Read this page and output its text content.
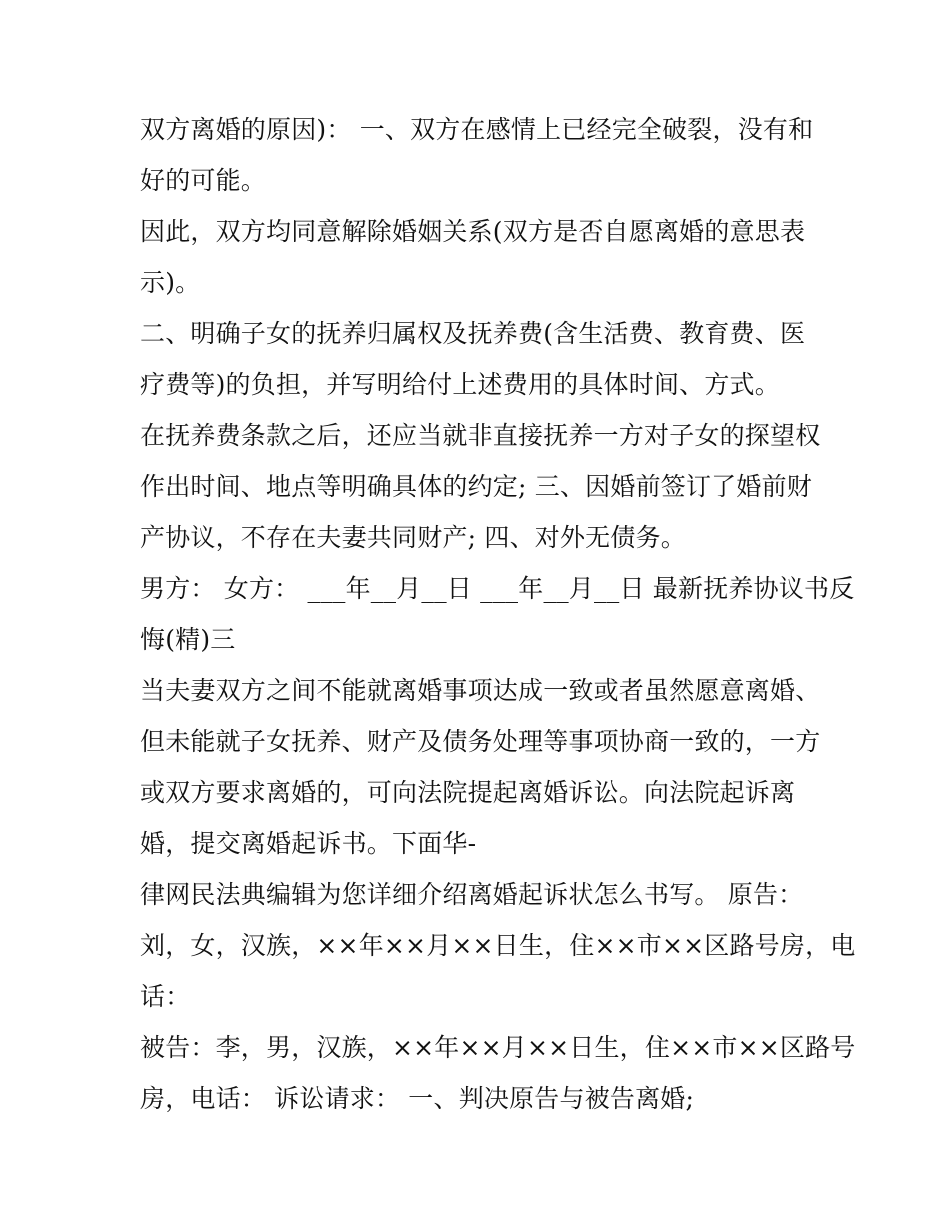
双方离婚的原因)： 一、双方在感情上已经完全破裂，没有和
好的可能。
因此，双方均同意解除婚姻关系(双方是否自愿离婚的意思表
示)。
二、明确子女的抚养归属权及抚养费(含生活费、教育费、医
疗费等)的负担，并写明给付上述费用的具体时间、方式。
在抚养费条款之后，还应当就非直接抚养一方对子女的探望权
作出时间、地点等明确具体的约定; 三、因婚前签订了婚前财
产协议，不存在夫妻共同财产; 四、对外无债务。
男方： 女方： ___年__月__日 ___年__月__日 最新抚养协议书反
悔(精)三
当夫妻双方之间不能就离婚事项达成一致或者虽然愿意离婚、
但未能就子女抚养、财产及债务处理等事项协商一致的，一方
或双方要求离婚的，可向法院提起离婚诉讼。向法院起诉离
婚，提交离婚起诉书。下面华-
律网民法典编辑为您详细介绍离婚起诉状怎么书写。 原告：
刘，女，汉族，××年××月××日生，住××市××区路号房，电
话：
被告：李，男，汉族，××年××月××日生，住××市××区路号
房，电话： 诉讼请求： 一、判决原告与被告离婚;
